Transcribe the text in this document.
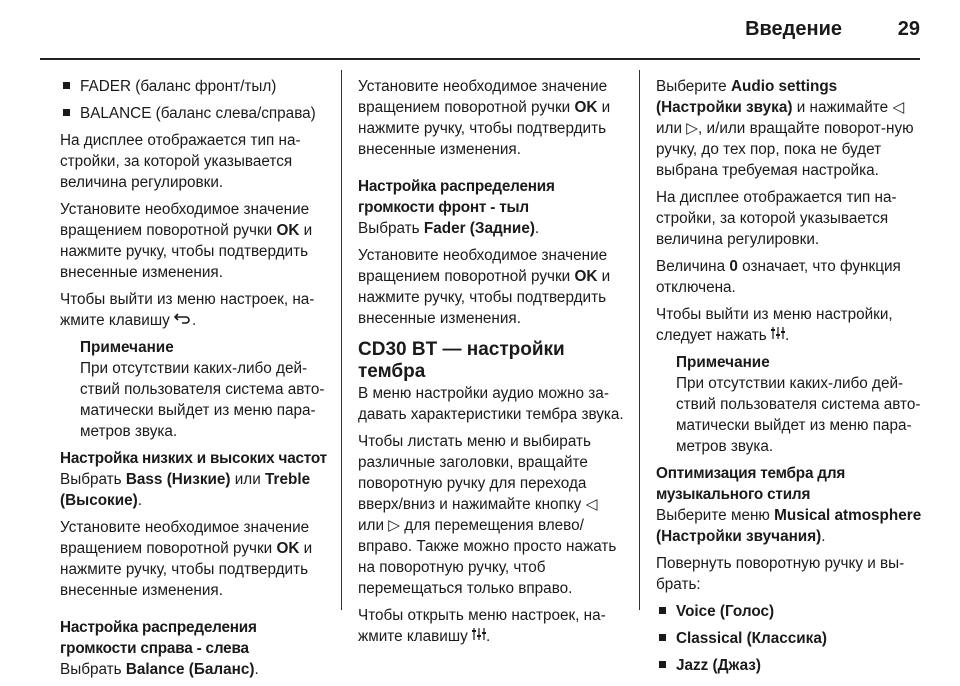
Введение	29

FADER (баланс фронт/тыл)

BALANCE (баланс слева/справа)

На дисплее отображается тип на-стройки, за которой указывается величина регулировки.

Установите необходимое значение вращением поворотной ручки OK и нажмите ручку, чтобы подтвердить внесенные изменения.

Чтобы выйти из меню настроек, на-жмите клавишу .

Примечание

При отсутствии каких-либо дей-ствий пользователя система авто-матически выйдет из меню пара-метров звука.

Настройка низких и высоких частот

Выбрать Bass (Низкие) или Treble (Высокие).

Установите необходимое значение вращением поворотной ручки OK и нажмите ручку, чтобы подтвердить внесенные изменения.

Настройка распределения громкости справа - слева

Выбрать Balance (Баланс).

Установите необходимое значение вращением поворотной ручки OK и нажмите ручку, чтобы подтвердить внесенные изменения.

Настройка распределения громкости фронт - тыл

Выбрать Fader (Задние).

Установите необходимое значение вращением поворотной ручки OK и нажмите ручку, чтобы подтвердить внесенные изменения.

CD30 BT — настройки тембра

В меню настройки аудио можно за-давать характеристики тембра звука.

Чтобы листать меню и выбирать различные заголовки, вращайте поворотную ручку для перехода вверх/вниз и нажимайте кнопку ◁ или ▷ для перемещения влево/вправо. Также можно просто нажать на поворотную ручку, чтоб перемещаться только вправо.

Чтобы открыть меню настроек, на-жмите клавишу .

Выберите Audio settings (Настройки звука) и нажимайте ◁ или ▷, и/или вращайте поворот-ную ручку, до тех пор, пока не будет выбрана требуемая настройка.

На дисплее отображается тип на-стройки, за которой указывается величина регулировки.

Величина 0 означает, что функция отключена.

Чтобы выйти из меню настройки, следует нажать .

Примечание

При отсутствии каких-либо дей-ствий пользователя система авто-матически выйдет из меню пара-метров звука.

Оптимизация тембра для музыкального стиля

Выберите меню Musical atmosphere (Настройки звучания).

Повернуть поворотную ручку и вы-брать:

Voice (Голос)

Classical (Классика)

Jazz (Джаз)
